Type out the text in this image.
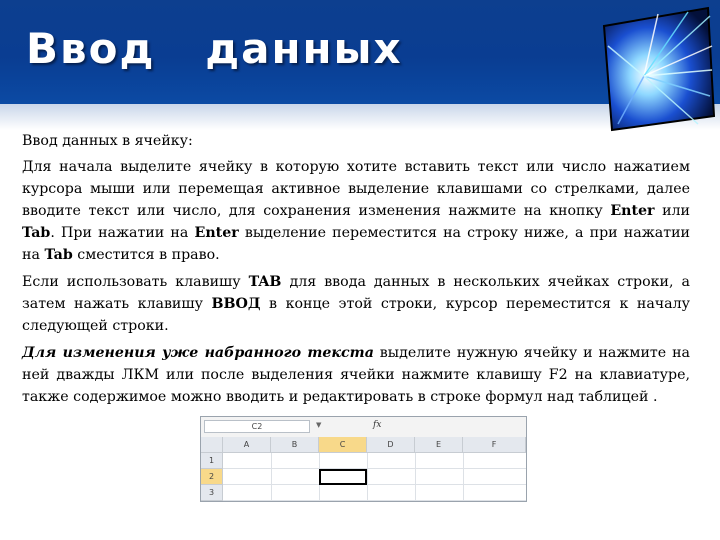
Ввод   данных

Ввод данных в ячейку:

Для начала выделите ячейку в которую хотите вставить текст или число нажатием курсора мыши или перемещая активное выделение клавишами со стрелками, далее вводите текст или число, для сохранения изменения нажмите на кнопку Enter или Tab. При нажатии на Enter выделение переместится на строку ниже, а при нажатии на Tab сместится в право.

Если использовать клавишу TAB для ввода данных в нескольких ячейках строки, а затем нажать клавишу ВВОД в конце этой строки, курсор переместится к началу следующей строки.

Для изменения уже набранного текста выделите нужную ячейку и нажмите на ней дважды ЛКМ или после выделения ячейки нажмите клавишу F2 на клавиатуре, также содержимое можно вводить и редактировать в строке формул над таблицей .

C2	▼	fx
A	B	C	D	E	F
1
2
3
